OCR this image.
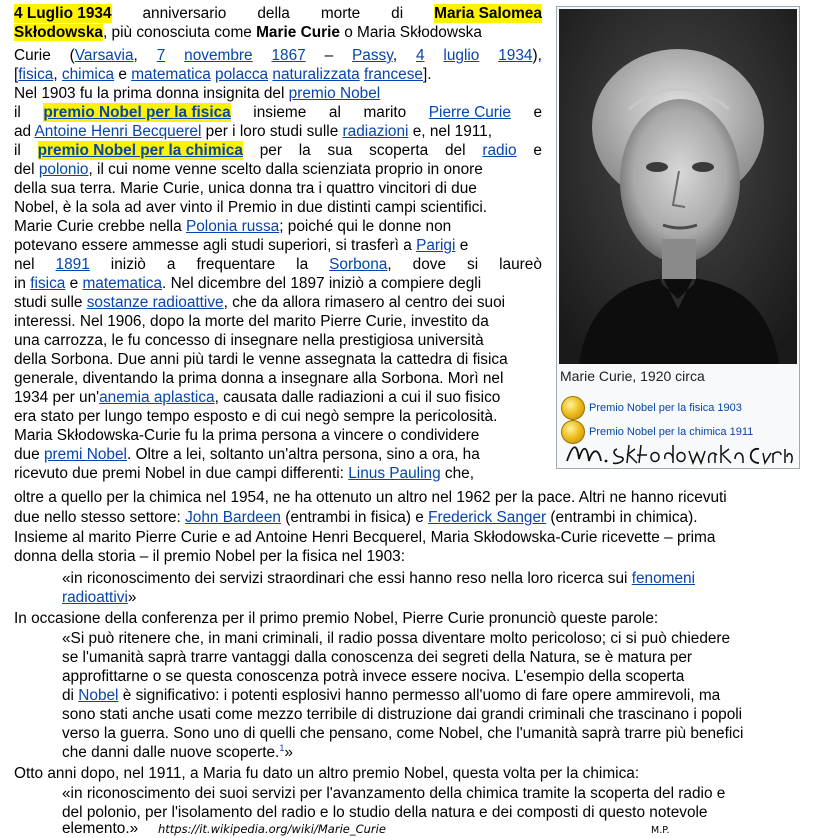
4 Luglio 1934 anniversario della morte di Maria Salomea
Skłodowska, più conosciuta come Marie Curie o Maria Skłodowska
Curie (Varsavia, 7 novembre 1867 – Passy, 4 luglio 1934),
[fisica, chimica e matematica polacca naturalizzata francese].
Nel 1903 fu la prima donna insignita del premio Nobel
il premio Nobel per la fisica insieme al marito Pierre Curie e
ad Antoine Henri Becquerel per i loro studi sulle radiazioni e, nel 1911,
il premio Nobel per la chimica per la sua scoperta del radio e
del polonio, il cui nome venne scelto dalla scienziata proprio in onore
della sua terra. Marie Curie, unica donna tra i quattro vincitori di due
Nobel, è la sola ad aver vinto il Premio in due distinti campi scientifici.
Marie Curie crebbe nella Polonia russa; poiché qui le donne non
potevano essere ammesse agli studi superiori, si trasferì a Parigi e
nel 1891 iniziò a frequentare la Sorbona, dove si laureò
in fisica e matematica. Nel dicembre del 1897 iniziò a compiere degli
studi sulle sostanze radioattive, che da allora rimasero al centro dei suoi
interessi. Nel 1906, dopo la morte del marito Pierre Curie, investito da
una carrozza, le fu concesso di insegnare nella prestigiosa università
della Sorbona. Due anni più tardi le venne assegnata la cattedra di fisica
generale, diventando la prima donna a insegnare alla Sorbona. Morì nel
1934 per un'anemia aplastica, causata dalle radiazioni a cui il suo fisico
era stato per lungo tempo esposto e di cui negò sempre la pericolosità.
Maria Skłodowska-Curie fu la prima persona a vincere o condividere
due premi Nobel. Oltre a lei, soltanto un'altra persona, sino a ora, ha
ricevuto due premi Nobel in due campi differenti: Linus Pauling che,
oltre a quello per la chimica nel 1954, ne ha ottenuto un altro nel 1962 per la pace. Altri ne hanno ricevuti
due nello stesso settore: John Bardeen (entrambi in fisica) e Frederick Sanger (entrambi in chimica).
Insieme al marito Pierre Curie e ad Antoine Henri Becquerel, Maria Skłodowska-Curie ricevette – prima
donna della storia – il premio Nobel per la fisica nel 1903:
«in riconoscimento dei servizi straordinari che essi hanno reso nella loro ricerca sui fenomeni
radioattivi»
In occasione della conferenza per il primo premio Nobel, Pierre Curie pronunciò queste parole:
«Si può ritenere che, in mani criminali, il radio possa diventare molto pericoloso; ci si può chiedere
se l'umanità saprà trarre vantaggi dalla conoscenza dei segreti della Natura, se è matura per
approfittarne o se questa conoscenza potrà invece essere nociva. L'esempio della scoperta
di Nobel è significativo: i potenti esplosivi hanno permesso all'uomo di fare opere ammirevoli, ma
sono stati anche usati come mezzo terribile di distruzione dai grandi criminali che trascinano i popoli
verso la guerra. Sono uno di quelli che pensano, come Nobel, che l'umanità saprà trarre più benefici
che danni dalle nuove scoperte.$^1$»
Otto anni dopo, nel 1911, a Maria fu dato un altro premio Nobel, questa volta per la chimica:
«in riconoscimento dei suoi servizi per l'avanzamento della chimica tramite la scoperta del radio e
del polonio, per l'isolamento del radio e lo studio della natura e dei composti di questo notevole
elemento.» https://it.wikipedia.org/wiki/Marie_Curie	M.P.
Marie Curie, 1920 circa
Premio Nobel per la fisica 1903
Premio Nobel per la chimica 1911
